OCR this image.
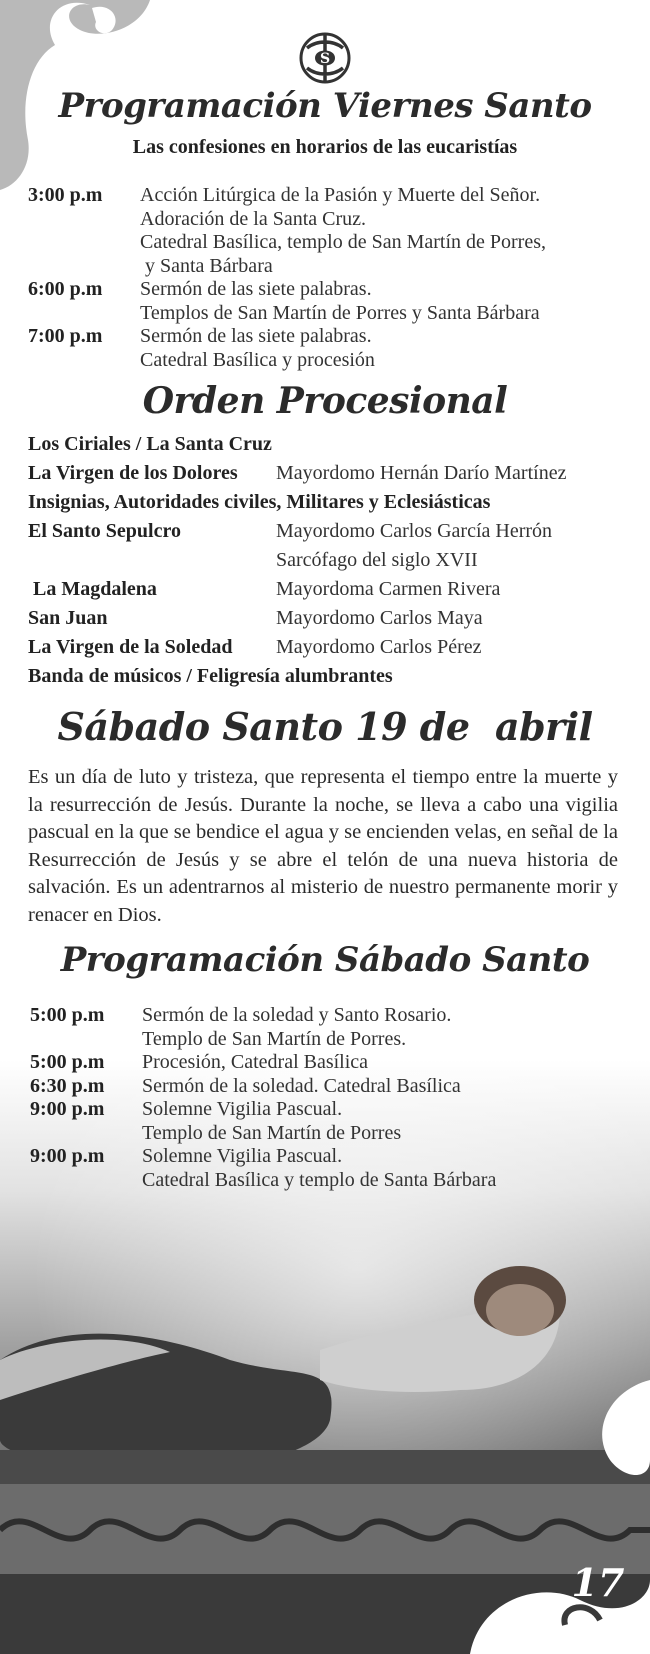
S
Programación Viernes Santo
Las confesiones en horarios de las eucaristías
3:00 p.m	Acción Litúrgica de la Pasión y Muerte del Señor.
Adoración de la Santa Cruz.
Catedral Basílica, templo de San Martín de Porres,
y Santa Bárbara
6:00 p.m	Sermón de las siete palabras.
Templos de San Martín de Porres y Santa Bárbara
7:00 p.m	Sermón de las siete palabras.
Catedral Basílica y procesión
Orden Procesional
Los Ciriales / La Santa Cruz
La Virgen de los Dolores Mayordomo Hernán Darío Martínez
Insignias, Autoridades civiles, Militares y Eclesiásticas
El Santo Sepulcro	Mayordomo Carlos García Herrón
Sarcófago del siglo XVII
La Magdalena	Mayordoma Carmen Rivera
San Juan	Mayordomo Carlos Maya
La Virgen de la Soledad Mayordomo Carlos Pérez
Banda de músicos / Feligresía alumbrantes
Sábado Santo 19 de  abril
Es un día de luto y tristeza, que representa el tiempo entre la muerte y la resurrección de Jesús. Durante la noche, se lleva a cabo una vigilia pascual en la que se bendice el agua y se encienden velas, en señal de la Resurrección de Jesús y se abre el telón de una nueva historia de salvación. Es un adentrarnos al misterio de nuestro permanente morir y renacer en Dios.
Programación Sábado Santo
5:00 p.m	Sermón de la soledad y Santo Rosario.
Templo de San Martín de Porres.
5:00 p.m	Procesión, Catedral Basílica
6:30 p.m	Sermón de la soledad. Catedral Basílica
9:00 p.m	Solemne Vigilia Pascual.
Templo de San Martín de Porres
9:00 p.m	Solemne Vigilia Pascual.
Catedral Basílica y templo de Santa Bárbara
17
